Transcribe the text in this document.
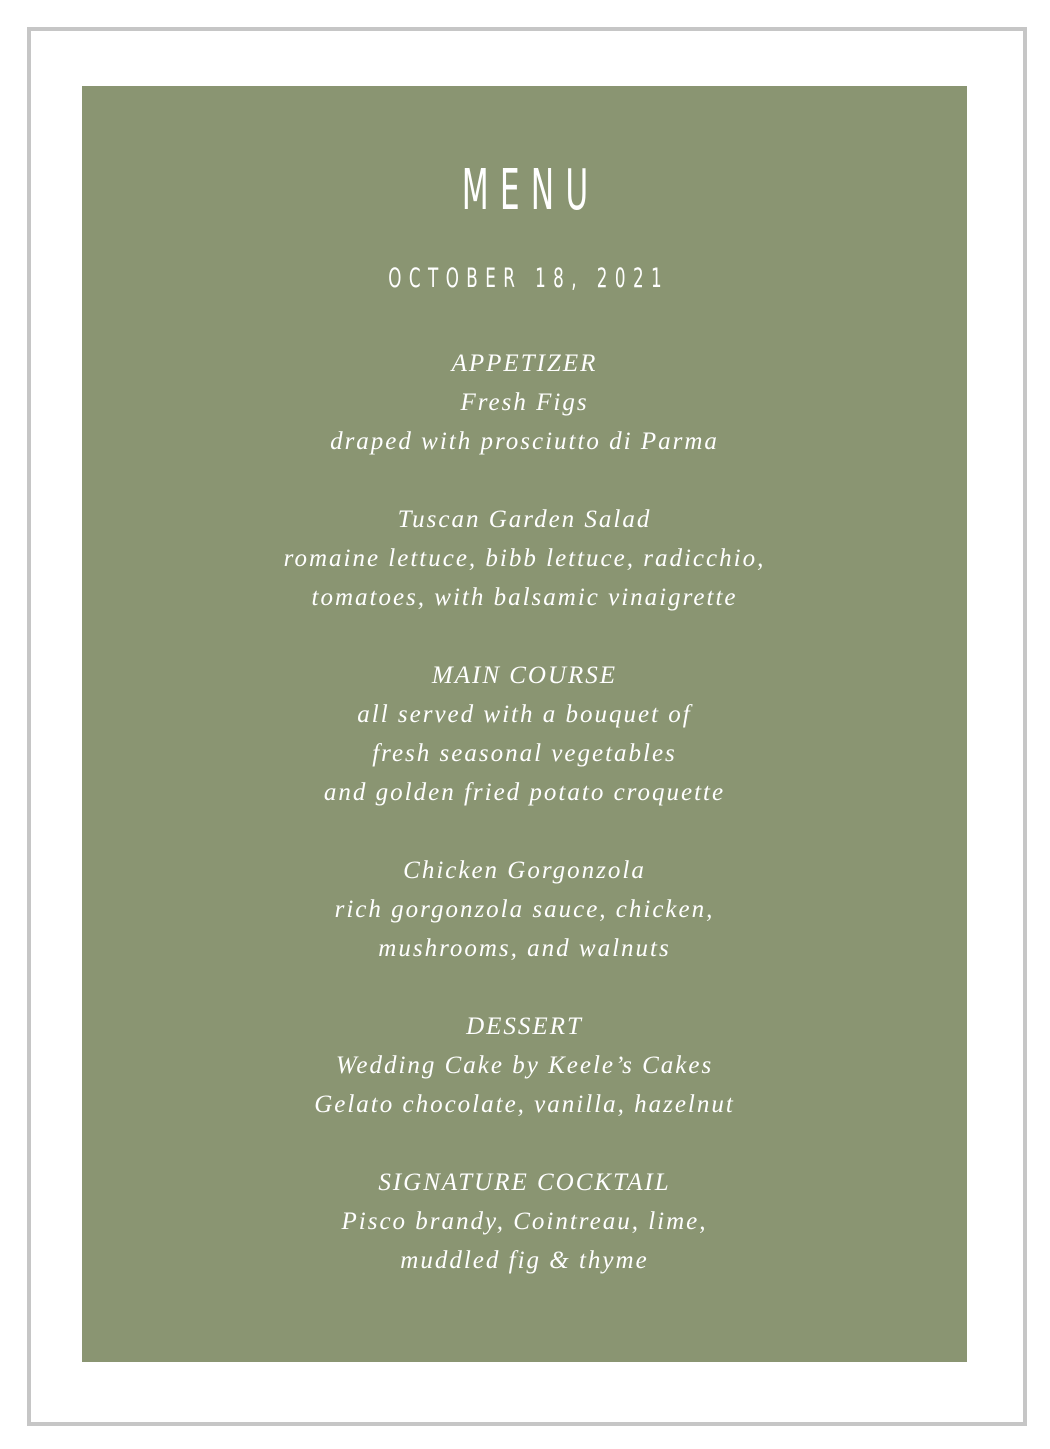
MENU
OCTOBER 18, 2021
APPETIZER
Fresh Figs
draped with prosciutto di Parma
Tuscan Garden Salad
romaine lettuce, bibb lettuce, radicchio,
tomatoes, with balsamic vinaigrette
MAIN COURSE
all served with a bouquet of
fresh seasonal vegetables
and golden fried potato croquette
Chicken Gorgonzola
rich gorgonzola sauce, chicken,
mushrooms, and walnuts
DESSERT
Wedding Cake by Keele’s Cakes
Gelato chocolate, vanilla, hazelnut
SIGNATURE COCKTAIL
Pisco brandy, Cointreau, lime,
muddled fig & thyme
